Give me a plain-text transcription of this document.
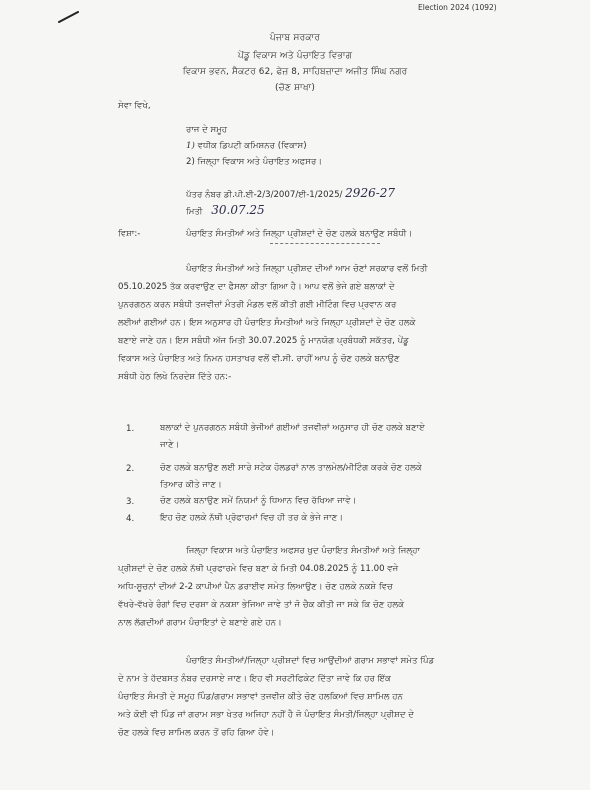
Election 2024 (1092)
ਪੰਜਾਬ ਸਰਕਾਰ
ਪੇਂਡੂ ਵਿਕਾਸ ਅਤੇ ਪੰਚਾਇਤ ਵਿਭਾਗ
ਵਿਕਾਸ ਭਵਨ, ਸੈਕਟਰ 62, ਫੇਜ਼ 8, ਸਾਹਿਬਜ਼ਾਦਾ ਅਜੀਤ ਸਿੰਘ ਨਗਰ
(ਚੋਣ ਸ਼ਾਖਾ)
ਸੇਵਾ ਵਿਖੇ,
ਰਾਜ ਦੇ ਸਮੂਹ
1) ਵਧੀਕ ਡਿਪਟੀ ਕਮਿਸ਼ਨਰ (ਵਿਕਾਸ)
2) ਜਿਲ੍ਹਾ ਵਿਕਾਸ ਅਤੇ ਪੰਚਾਇਤ ਅਫਸਰ।
ਪੱਤਰ ਨੰਬਰ ਡੀ.ਪੀ.ਈ-2/3/2007/ਈ-1/2025/ 2926-27
ਮਿਤੀ 30.07.25
ਵਿਸ਼ਾ:-	ਪੰਚਾਇਤ ਸੰਮਤੀਆਂ ਅਤੇ ਜਿਲ੍ਹਾ ਪ੍ਰੀਸ਼ਦਾਂ ਦੇ ਚੋਣ ਹਲਕੇ ਬਨਾਉਣ ਸਬੰਧੀ।
ਪੰਚਾਇਤ ਸੰਮਤੀਆਂ ਅਤੇ ਜਿਲ੍ਹਾ ਪ੍ਰੀਸ਼ਦ ਦੀਆਂ ਆਮ ਚੋਣਾਂ ਸਰਕਾਰ ਵਲੋਂ ਮਿਤੀ
05.10.2025 ਤੱਕ ਕਰਵਾਉਣ ਦਾ ਫੈਸਲਾ ਕੀਤਾ ਗਿਆ ਹੈ। ਆਪ ਵਲੋਂ ਭੇਜੇ ਗਏ ਬਲਾਕਾਂ ਦੇ
ਪੁਨਰਗਠਨ ਕਰਨ ਸਬੰਧੀ ਤਜਵੀਜ਼ਾਂ ਮੰਤਰੀ ਮੰਡਲ ਵਲੋਂ ਕੀਤੀ ਗਈ ਮੀਟਿੰਗ ਵਿਚ ਪ੍ਰਵਾਨ ਕਰ
ਲਈਆਂ ਗਈਆਂ ਹਨ। ਇਸ ਅਨੁਸਾਰ ਹੀ ਪੰਚਾਇਤ ਸੰਮਤੀਆਂ ਅਤੇ ਜਿਲ੍ਹਾ ਪ੍ਰੀਸ਼ਦਾਂ ਦੇ ਚੋਣ ਹਲਕੇ
ਬਣਾਏ ਜਾਣੇ ਹਨ। ਇਸ ਸਬੰਧੀ ਅੱਜ ਮਿਤੀ 30.07.2025 ਨੂੰ ਮਾਨਯੋਗ ਪ੍ਰਬੰਧਕੀ ਸਕੱਤਰ, ਪੇਂਡੂ
ਵਿਕਾਸ ਅਤੇ ਪੰਚਾਇਤ ਅਤੇ ਨਿਮਨ ਹਸਤਾਖਰ ਵਲੋਂ ਵੀ.ਸੀ. ਰਾਹੀਂ ਆਪ ਨੂੰ ਚੋਣ ਹਲਕੇ ਬਨਾਉਣ
ਸਬੰਧੀ ਹੇਠ ਲਿਖੇ ਨਿਰਦੇਸ਼ ਦਿੱਤੇ ਹਨ:-
1.	ਬਲਾਕਾਂ ਦੇ ਪੁਨਰਗਠਨ ਸਬੰਧੀ ਭੇਜੀਆਂ ਗਈਆਂ ਤਜਵੀਜ਼ਾਂ ਅਨੁਸਾਰ ਹੀ ਚੋਣ ਹਲਕੇ ਬਣਾਏ
ਜਾਣੇ।
2.	ਚੋਣ ਹਲਕੇ ਬਨਾਉਣ ਲਈ ਸਾਰੇ ਸਟੇਕ ਹੋਲਡਰਾਂ ਨਾਲ ਤਾਲਮੇਲ/ਮੀਟਿੰਗ ਕਰਕੇ ਚੋਣ ਹਲਕੇ
ਤਿਆਰ ਕੀਤੇ ਜਾਣ।
3.	ਚੋਣ ਹਲਕੇ ਬਨਾਉਣ ਸਮੇਂ ਨਿਯਮਾਂ ਨੂੰ ਧਿਆਨ ਵਿਚ ਰੱਖਿਆ ਜਾਵੇ।
4.	ਇਹ ਚੋਣ ਹਲਕੇ ਨੱਥੀ ਪ੍ਰੋਫਾਰਮਾਂ ਵਿਚ ਹੀ ਤਰ ਕੇ ਭੇਜੇ ਜਾਣ।
ਜਿਲ੍ਹਾ ਵਿਕਾਸ ਅਤੇ ਪੰਚਾਇਤ ਅਫਸਰ ਖੁਦ ਪੰਚਾਇਤ ਸੰਮਤੀਆਂ ਅਤੇ ਜਿਲ੍ਹਾ
ਪ੍ਰੀਸ਼ਦਾਂ ਦੇ ਚੋਣ ਹਲਕੇ ਨੱਥੀ ਪ੍ਰਫਾਰਮੇ ਵਿਚ ਬਣਾ ਕੇ ਮਿਤੀ 04.08.2025 ਨੂੰ 11.00 ਵਜੇ
ਅਧਿ-ਸੂਚਨਾਂ ਦੀਆਂ 2-2 ਕਾਪੀਆਂ ਪੈਨ ਡਰਾਈਵ ਸਮੇਤ ਲਿਆਉਣ। ਚੋਣ ਹਲਕੇ ਨਕਸ਼ੇ ਵਿਚ
ਵੱਖਰੇ-ਵੱਖਰੇ ਰੰਗਾਂ ਵਿਚ ਦਰਸ਼ਾ ਕੇ ਨਕਸ਼ਾ ਭੇਜਿਆ ਜਾਵੇ ਤਾਂ ਜੋ ਚੈਕ ਕੀਤੀ ਜਾ ਸਕੇ ਕਿ ਚੋਣ ਹਲਕੇ
ਨਾਲ ਲੱਗਦੀਆਂ ਗਰਾਮ ਪੰਚਾਇਤਾਂ ਦੇ ਬਣਾਏ ਗਏ ਹਨ।
ਪੰਚਾਇਤ ਸੰਮਤੀਆਂ/ਜਿਲ੍ਹਾ ਪ੍ਰੀਸ਼ਦਾਂ ਵਿਚ ਆਉਂਦੀਆਂ ਗਰਾਮ ਸਭਾਵਾਂ ਸਮੇਤ ਪਿੰਡ
ਦੇ ਨਾਮ ਤੇ ਹੱਦਬਸਤ ਨੰਬਰ ਦਰਸਾਏ ਜਾਣ। ਇਹ ਵੀ ਸਰਟੀਫਿਕੇਟ ਦਿੱਤਾ ਜਾਵੇ ਕਿ ਹਰ ਇੱਕ
ਪੰਚਾਇਤ ਸੰਮਤੀ ਦੇ ਸਮੂਹ ਪਿੰਡ/ਗਰਾਮ ਸਭਾਵਾਂ ਤਜਵੀਜ਼ ਕੀਤੇ ਚੋਣ ਹਲਕਿਆਂ ਵਿਚ ਸ਼ਾਮਿਲ ਹਨ
ਅਤੇ ਕੋਈ ਵੀ ਪਿੰਡ ਜਾਂ ਗਰਾਮ ਸਭਾ ਖੇਤਰ ਅਜਿਹਾ ਨਹੀਂ ਹੈ ਜੋ ਪੰਚਾਇਤ ਸੰਮਤੀ/ਜਿਲ੍ਹਾ ਪ੍ਰੀਸ਼ਦ ਦੇ
ਚੋਣ ਹਲਕੇ ਵਿਚ ਸ਼ਾਮਿਲ ਕਰਨ ਤੋਂ ਰਹਿ ਗਿਆ ਹੋਵੇ।
